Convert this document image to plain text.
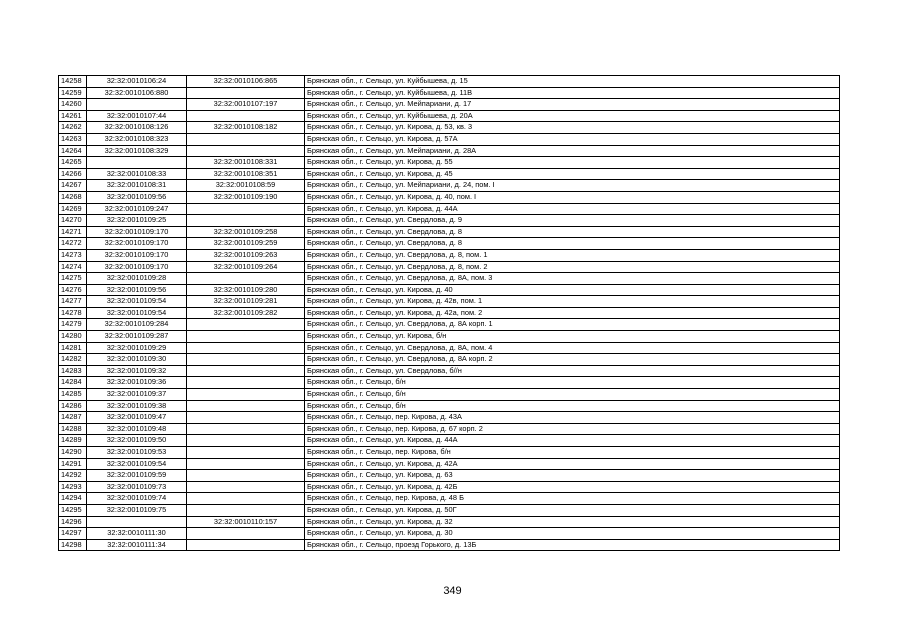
14258	32:32:0010106:24	32:32:0010106:865	Брянская обл., г. Сельцо, ул. Куйбышева, д. 15
14259	32:32:0010106:880		Брянская обл., г. Сельцо, ул. Куйбышева, д. 11В
14260		32:32:0010107:197	Брянская обл., г. Сельцо, ул. Мейпариани, д. 17
14261	32:32:0010107:44		Брянская обл., г. Сельцо, ул. Куйбышева, д. 20А
14262	32:32:0010108:126	32:32:0010108:182	Брянская обл., г. Сельцо, ул. Кирова, д. 53, кв. 3
14263	32:32:0010108:323		Брянская обл., г. Сельцо, ул. Кирова, д. 57А
14264	32:32:0010108:329		Брянская обл., г. Сельцо, ул. Мейпариани, д. 28А
14265		32:32:0010108:331	Брянская обл., г. Сельцо, ул. Кирова, д. 55
14266	32:32:0010108:33	32:32:0010108:351	Брянская обл., г. Сельцо, ул. Кирова, д. 45
14267	32:32:0010108:31	32:32:0010108:59	Брянская обл., г. Сельцо, ул. Мейпариани, д. 24, пом. I
14268	32:32:0010109:56	32:32:0010109:190	Брянская обл., г. Сельцо, ул. Кирова, д. 40, пом. I
14269	32:32:0010109:247		Брянская обл., г. Сельцо, ул. Кирова, д. 44А
14270	32:32:0010109:25		Брянская обл., г. Сельцо, ул. Свердлова, д. 9
14271	32:32:0010109:170	32:32:0010109:258	Брянская обл., г. Сельцо, ул. Свердлова, д. 8
14272	32:32:0010109:170	32:32:0010109:259	Брянская обл., г. Сельцо, ул. Свердлова, д. 8
14273	32:32:0010109:170	32:32:0010109:263	Брянская обл., г. Сельцо, ул. Свердлова, д. 8, пом. 1
14274	32:32:0010109:170	32:32:0010109:264	Брянская обл., г. Сельцо, ул. Свердлова, д. 8, пом. 2
14275	32:32:0010109:28		Брянская обл., г. Сельцо, ул. Свердлова, д. 8А, пом. 3
14276	32:32:0010109:56	32:32:0010109:280	Брянская обл., г. Сельцо, ул. Кирова, д. 40
14277	32:32:0010109:54	32:32:0010109:281	Брянская обл., г. Сельцо, ул. Кирова, д. 42в, пом. 1
14278	32:32:0010109:54	32:32:0010109:282	Брянская обл., г. Сельцо, ул. Кирова, д. 42а, пом. 2
14279	32:32:0010109:284		Брянская обл., г. Сельцо, ул. Свердлова, д. 8А корп. 1
14280	32:32:0010109:287		Брянская обл., г. Сельцо, ул. Кирова, б/н
14281	32:32:0010109:29		Брянская обл., г. Сельцо, ул. Свердлова, д. 8А, пом. 4
14282	32:32:0010109:30		Брянская обл., г. Сельцо, ул. Свердлова, д. 8А корп. 2
14283	32:32:0010109:32		Брянская обл., г. Сельцо, ул. Свердлова, б//н
14284	32:32:0010109:36		Брянская обл., г. Сельцо, б/н
14285	32:32:0010109:37		Брянская обл., г. Сельцо, б/н
14286	32:32:0010109:38		Брянская обл., г. Сельцо, б/н
14287	32:32:0010109:47		Брянская обл., г. Сельцо, пер. Кирова, д. 43А
14288	32:32:0010109:48		Брянская обл., г. Сельцо, пер. Кирова, д. 67 корп. 2
14289	32:32:0010109:50		Брянская обл., г. Сельцо, ул. Кирова, д. 44А
14290	32:32:0010109:53		Брянская обл., г. Сельцо, пер. Кирова, б/н
14291	32:32:0010109:54		Брянская обл., г. Сельцо, ул. Кирова, д. 42А
14292	32:32:0010109:59		Брянская обл., г. Сельцо, ул. Кирова, д. 63
14293	32:32:0010109:73		Брянская обл., г. Сельцо, ул. Кирова, д. 42Б
14294	32:32:0010109:74		Брянская обл., г. Сельцо, пер. Кирова, д. 48 Б
14295	32:32:0010109:75		Брянская обл., г. Сельцо, ул. Кирова, д. 50Г
14296		32:32:0010110:157	Брянская обл., г. Сельцо, ул. Кирова, д. 32
14297	32:32:0010111:30		Брянская обл., г. Сельцо, ул. Кирова, д. 30
14298	32:32:0010111:34		Брянская обл., г. Сельцо, проезд Горького, д. 13Б
349
